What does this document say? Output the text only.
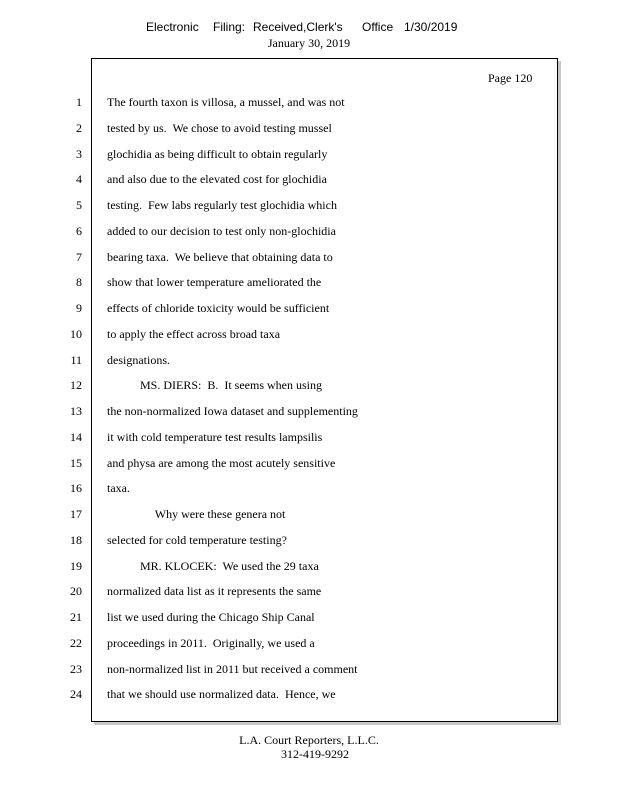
Electronic Filing: Received,Clerk's Office 1/30/2019
January 30, 2019
Page 120
1 The fourth taxon is villosa, a mussel, and was not
2 tested by us.  We chose to avoid testing mussel
3 glochidia as being difficult to obtain regularly
4 and also due to the elevated cost for glochidia
5 testing.  Few labs regularly test glochidia which
6 added to our decision to test only non-glochidia
7 bearing taxa.  We believe that obtaining data to
8 show that lower temperature ameliorated the
9 effects of chloride toxicity would be sufficient
10 to apply the effect across broad taxa
11 designations.
12 MS. DIERS:  B.  It seems when using
13 the non-normalized Iowa dataset and supplementing
14 it with cold temperature test results lampsilis
15 and physa are among the most acutely sensitive
16 taxa.
17 Why were these genera not
18 selected for cold temperature testing?
19 MR. KLOCEK:  We used the 29 taxa
20 normalized data list as it represents the same
21 list we used during the Chicago Ship Canal
22 proceedings in 2011.  Originally, we used a
23 non-normalized list in 2011 but received a comment
24 that we should use normalized data.  Hence, we
L.A. Court Reporters, L.L.C.
312-419-9292
